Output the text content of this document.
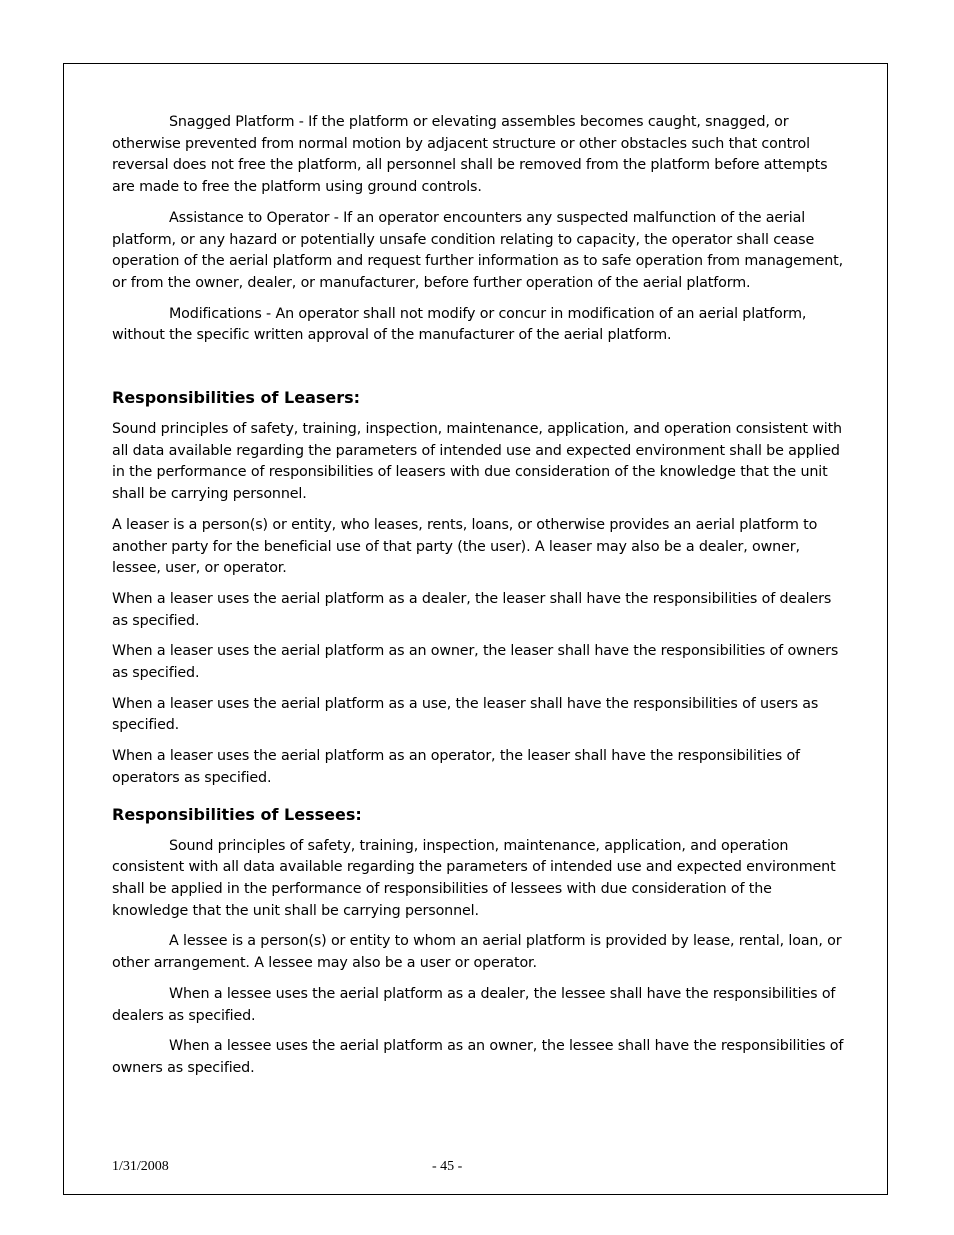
Snagged Platform - If the platform or elevating assembles becomes caught, snagged, or otherwise prevented from normal motion by adjacent structure or other obstacles such that control reversal does not free the platform, all personnel shall be removed from the platform before attempts are made to free the platform using ground controls.

Assistance to Operator - If an operator encounters any suspected malfunction of the aerial platform, or any hazard or potentially unsafe condition relating to capacity, the operator shall cease operation of the aerial platform and request further information as to safe operation from management, or from the owner, dealer, or manufacturer, before further operation of the aerial platform.

Modifications - An operator shall not modify or concur in modification of an aerial platform, without the specific written approval of the manufacturer of the aerial platform.

Responsibilities of Leasers:

Sound principles of safety, training, inspection, maintenance, application, and operation consistent with all data available regarding the parameters of intended use and expected environment shall be applied in the performance of responsibilities of leasers with due consideration of the knowledge that the unit shall be carrying personnel.

A leaser is a person(s) or entity, who leases, rents, loans, or otherwise provides an aerial platform to another party for the beneficial use of that party (the user). A leaser may also be a dealer, owner, lessee, user, or operator.

When a leaser uses the aerial platform as a dealer, the leaser shall have the responsibilities of dealers as specified.

When a leaser uses the aerial platform as an owner, the leaser shall have the responsibilities of owners as specified.

When a leaser uses the aerial platform as a use, the leaser shall have the responsibilities of users as specified.

When a leaser uses the aerial platform as an operator, the leaser shall have the responsibilities of operators as specified.

Responsibilities of Lessees:

Sound principles of safety, training, inspection, maintenance, application, and operation consistent with all data available regarding the parameters of intended use and expected environment shall be applied in the performance of responsibilities of lessees with due consideration of the knowledge that the unit shall be carrying personnel.

A lessee is a person(s) or entity to whom an aerial platform is provided by lease, rental, loan, or other arrangement. A lessee may also be a user or operator.

When a lessee uses the aerial platform as a dealer, the lessee shall have the responsibilities of dealers as specified.

When a lessee uses the aerial platform as an owner, the lessee shall have the responsibilities of owners as specified.

1/31/2008	- 45 -
